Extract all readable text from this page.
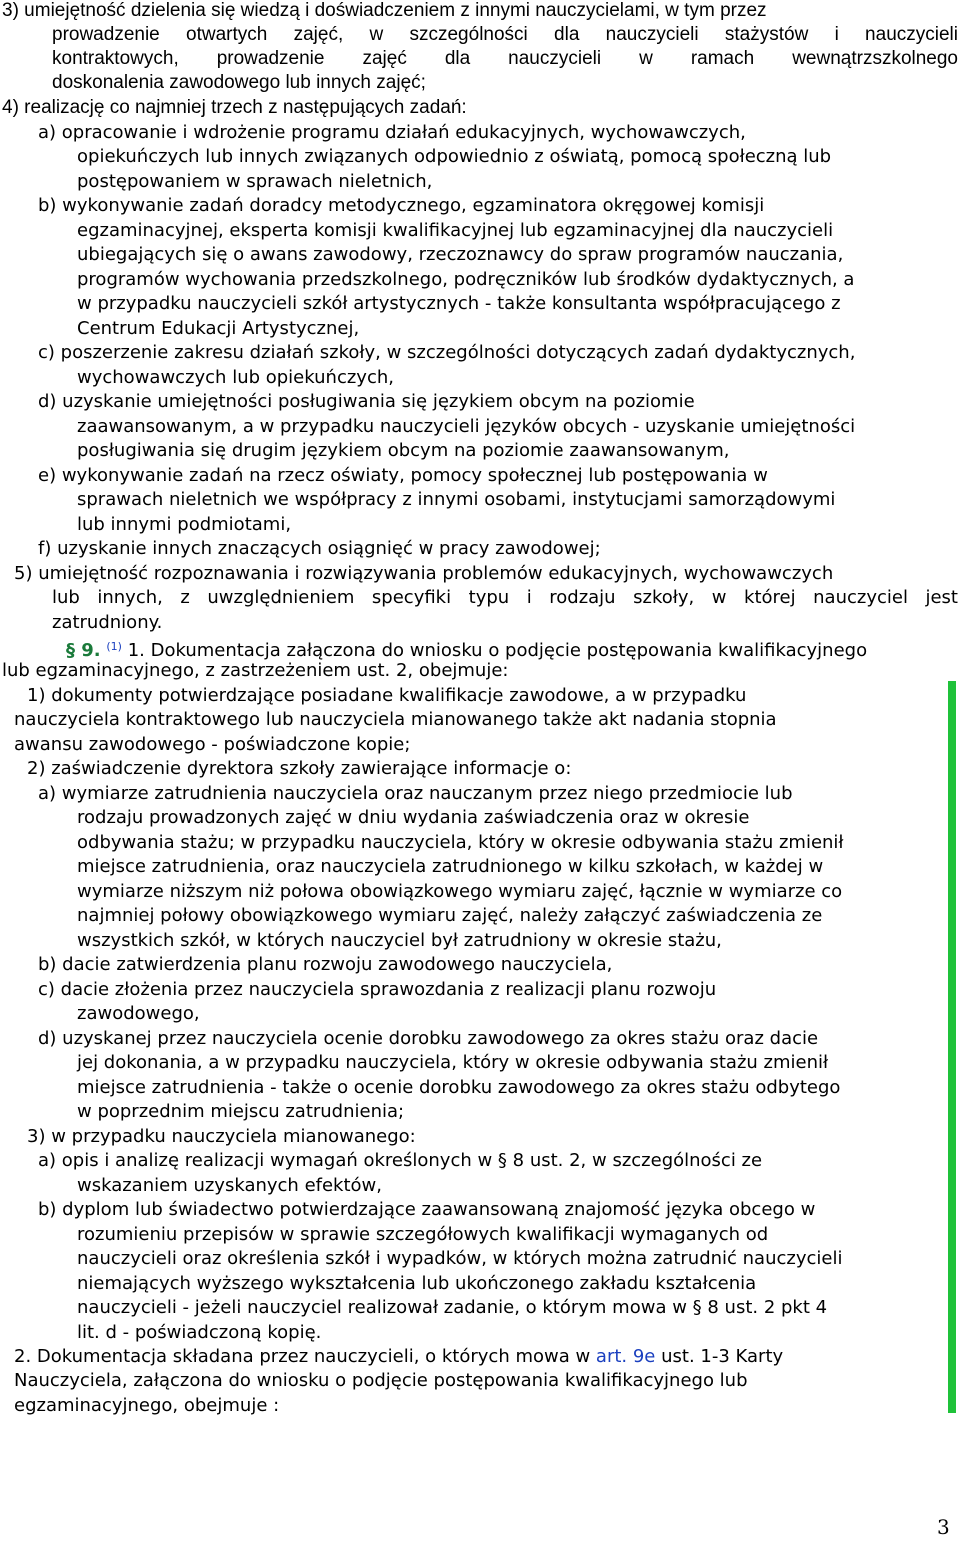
3) umiejętność dzielenia się wiedzą i doświadczeniem z innymi nauczycielami, w tym przez
prowadzenie otwartych zajęć, w szczególności dla nauczycieli stażystów i nauczycieli
kontraktowych, prowadzenie zajęć dla nauczycieli w ramach wewnątrzszkolnego
doskonalenia zawodowego lub innych zajęć;
4) realizację co najmniej trzech z następujących zadań:
a) opracowanie i wdrożenie programu działań edukacyjnych, wychowawczych,
opiekuńczych lub innych związanych odpowiednio z oświatą, pomocą społeczną lub
postępowaniem w sprawach nieletnich,
b) wykonywanie zadań doradcy metodycznego, egzaminatora okręgowej komisji
egzaminacyjnej, eksperta komisji kwalifikacyjnej lub egzaminacyjnej dla nauczycieli
ubiegających się o awans zawodowy, rzeczoznawcy do spraw programów nauczania,
programów wychowania przedszkolnego, podręczników lub środków dydaktycznych, a
w przypadku nauczycieli szkół artystycznych - także konsultanta współpracującego z
Centrum Edukacji Artystycznej,
c) poszerzenie zakresu działań szkoły, w szczególności dotyczących zadań dydaktycznych,
wychowawczych lub opiekuńczych,
d) uzyskanie umiejętności posługiwania się językiem obcym na poziomie
zaawansowanym, a w przypadku nauczycieli języków obcych - uzyskanie umiejętności
posługiwania się drugim językiem obcym na poziomie zaawansowanym,
e) wykonywanie zadań na rzecz oświaty, pomocy społecznej lub postępowania w
sprawach nieletnich we współpracy z innymi osobami, instytucjami samorządowymi
lub innymi podmiotami,
f) uzyskanie innych znaczących osiągnięć w pracy zawodowej;
5) umiejętność rozpoznawania i rozwiązywania problemów edukacyjnych, wychowawczych
lub innych, z uwzględnieniem specyfiki typu i rodzaju szkoły, w której nauczyciel jest
zatrudniony.
§ 9. $^{(1)}$ 1. Dokumentacja załączona do wniosku o podjęcie postępowania kwalifikacyjnego
lub egzaminacyjnego, z zastrzeżeniem ust. 2, obejmuje:
1) dokumenty potwierdzające posiadane kwalifikacje zawodowe, a w przypadku
nauczyciela kontraktowego lub nauczyciela mianowanego także akt nadania stopnia
awansu zawodowego - poświadczone kopie;
2) zaświadczenie dyrektora szkoły zawierające informacje o:
a) wymiarze zatrudnienia nauczyciela oraz nauczanym przez niego przedmiocie lub
rodzaju prowadzonych zajęć w dniu wydania zaświadczenia oraz w okresie
odbywania stażu; w przypadku nauczyciela, który w okresie odbywania stażu zmienił
miejsce zatrudnienia, oraz nauczyciela zatrudnionego w kilku szkołach, w każdej w
wymiarze niższym niż połowa obowiązkowego wymiaru zajęć, łącznie w wymiarze co
najmniej połowy obowiązkowego wymiaru zajęć, należy załączyć zaświadczenia ze
wszystkich szkół, w których nauczyciel był zatrudniony w okresie stażu,
b) dacie zatwierdzenia planu rozwoju zawodowego nauczyciela,
c) dacie złożenia przez nauczyciela sprawozdania z realizacji planu rozwoju
zawodowego,
d) uzyskanej przez nauczyciela ocenie dorobku zawodowego za okres stażu oraz dacie
jej dokonania, a w przypadku nauczyciela, który w okresie odbywania stażu zmienił
miejsce zatrudnienia - także o ocenie dorobku zawodowego za okres stażu odbytego
w poprzednim miejscu zatrudnienia;
3) w przypadku nauczyciela mianowanego:
a) opis i analizę realizacji wymagań określonych w § 8 ust. 2, w szczególności ze
wskazaniem uzyskanych efektów,
b) dyplom lub świadectwo potwierdzające zaawansowaną znajomość języka obcego w
rozumieniu przepisów w sprawie szczegółowych kwalifikacji wymaganych od
nauczycieli oraz określenia szkół i wypadków, w których można zatrudnić nauczycieli
niemających wyższego wykształcenia lub ukończonego zakładu kształcenia
nauczycieli - jeżeli nauczyciel realizował zadanie, o którym mowa w § 8 ust. 2 pkt 4
lit. d - poświadczoną kopię.
2. Dokumentacja składana przez nauczycieli, o których mowa w art. 9e ust. 1-3 Karty
Nauczyciela, załączona do wniosku o podjęcie postępowania kwalifikacyjnego lub
egzaminacyjnego, obejmuje :
3
